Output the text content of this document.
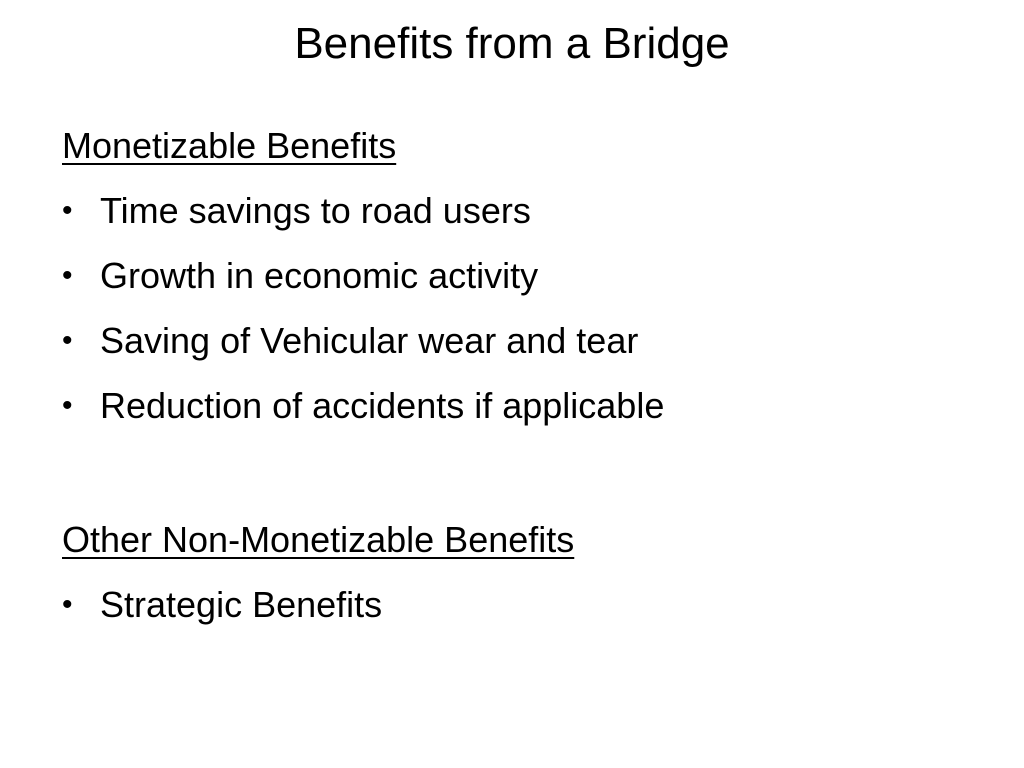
Benefits from a Bridge
Monetizable Benefits
• Time savings to road users
• Growth in economic activity
• Saving of Vehicular wear and tear
• Reduction of accidents if applicable
Other Non-Monetizable Benefits
• Strategic Benefits
